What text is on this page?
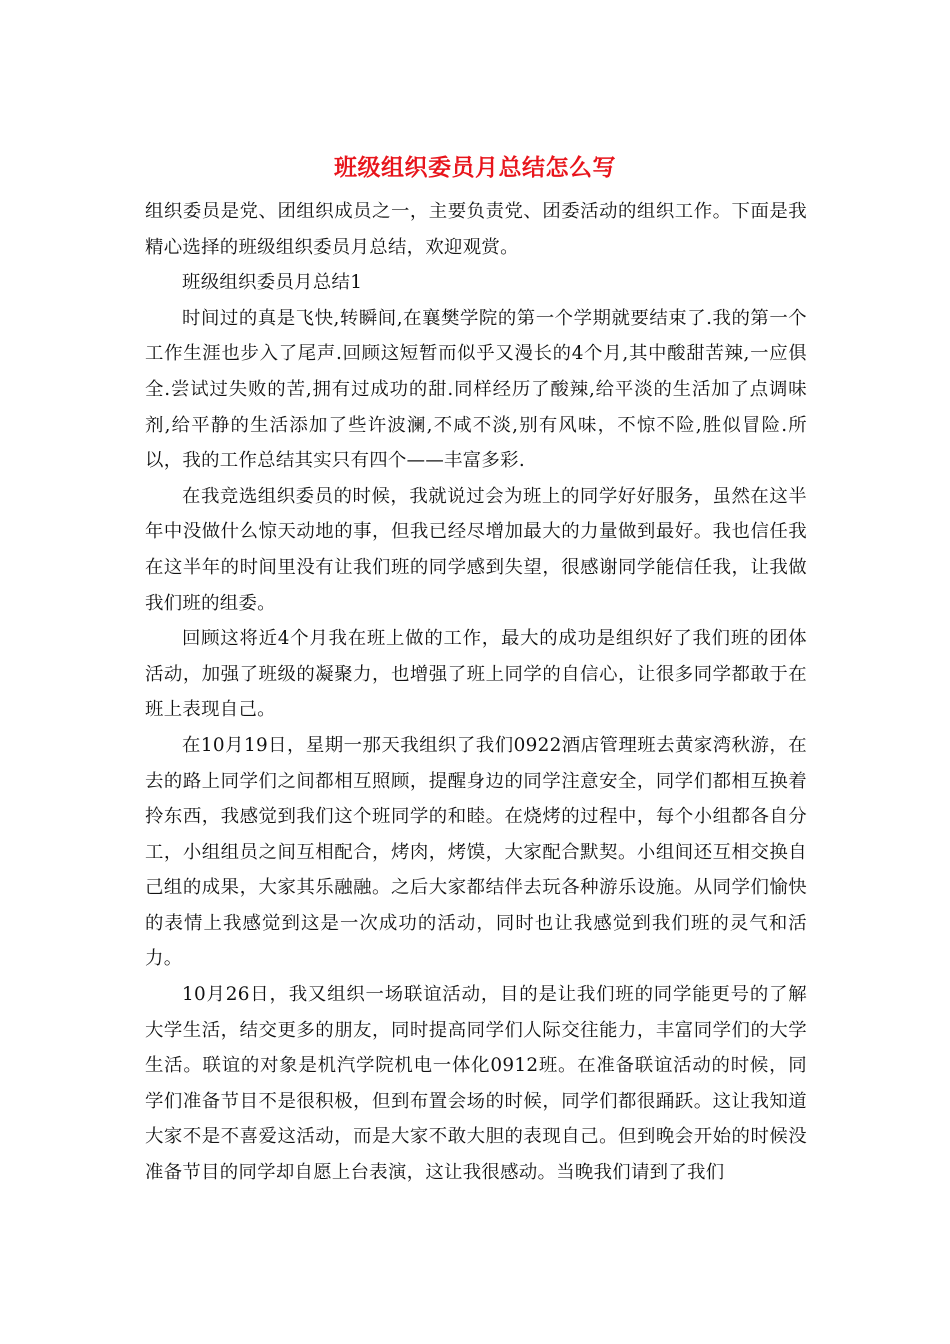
班级组织委员月总结怎么写

组织委员是党、团组织成员之一，主要负责党、团委活动的组织工作。下面是我精心选择的班级组织委员月总结，欢迎观赏。

班级组织委员月总结1

时间过的真是飞快,转瞬间,在襄樊学院的第一个学期就要结束了.我的第一个工作生涯也步入了尾声.回顾这短暂而似乎又漫长的4个月,其中酸甜苦辣,一应俱全.尝试过失败的苦,拥有过成功的甜.同样经历了酸辣,给平淡的生活加了点调味剂,给平静的生活添加了些许波澜,不咸不淡,别有风味，不惊不险,胜似冒险.所以，我的工作总结其实只有四个——丰富多彩.

在我竞选组织委员的时候，我就说过会为班上的同学好好服务，虽然在这半年中没做什么惊天动地的事，但我已经尽增加最大的力量做到最好。我也信任我在这半年的时间里没有让我们班的同学感到失望，很感谢同学能信任我，让我做我们班的组委。

回顾这将近4个月我在班上做的工作，最大的成功是组织好了我们班的团体活动，加强了班级的凝聚力，也增强了班上同学的自信心，让很多同学都敢于在班上表现自己。

在10月19日，星期一那天我组织了我们0922酒店管理班去黄家湾秋游，在去的路上同学们之间都相互照顾，提醒身边的同学注意安全，同学们都相互换着拎东西，我感觉到我们这个班同学的和睦。在烧烤的过程中，每个小组都各自分工，小组组员之间互相配合，烤肉，烤馍，大家配合默契。小组间还互相交换自己组的成果，大家其乐融融。之后大家都结伴去玩各种游乐设施。从同学们愉快的表情上我感觉到这是一次成功的活动，同时也让我感觉到我们班的灵气和活力。

10月26日，我又组织一场联谊活动，目的是让我们班的同学能更号的了解大学生活，结交更多的朋友，同时提高同学们人际交往能力，丰富同学们的大学生活。联谊的对象是机汽学院机电一体化0912班。在准备联谊活动的时候，同学们准备节目不是很积极，但到布置会场的时候，同学们都很踊跃。这让我知道大家不是不喜爱这活动，而是大家不敢大胆的表现自己。但到晚会开始的时候没准备节目的同学却自愿上台表演，这让我很感动。当晚我们请到了我们
